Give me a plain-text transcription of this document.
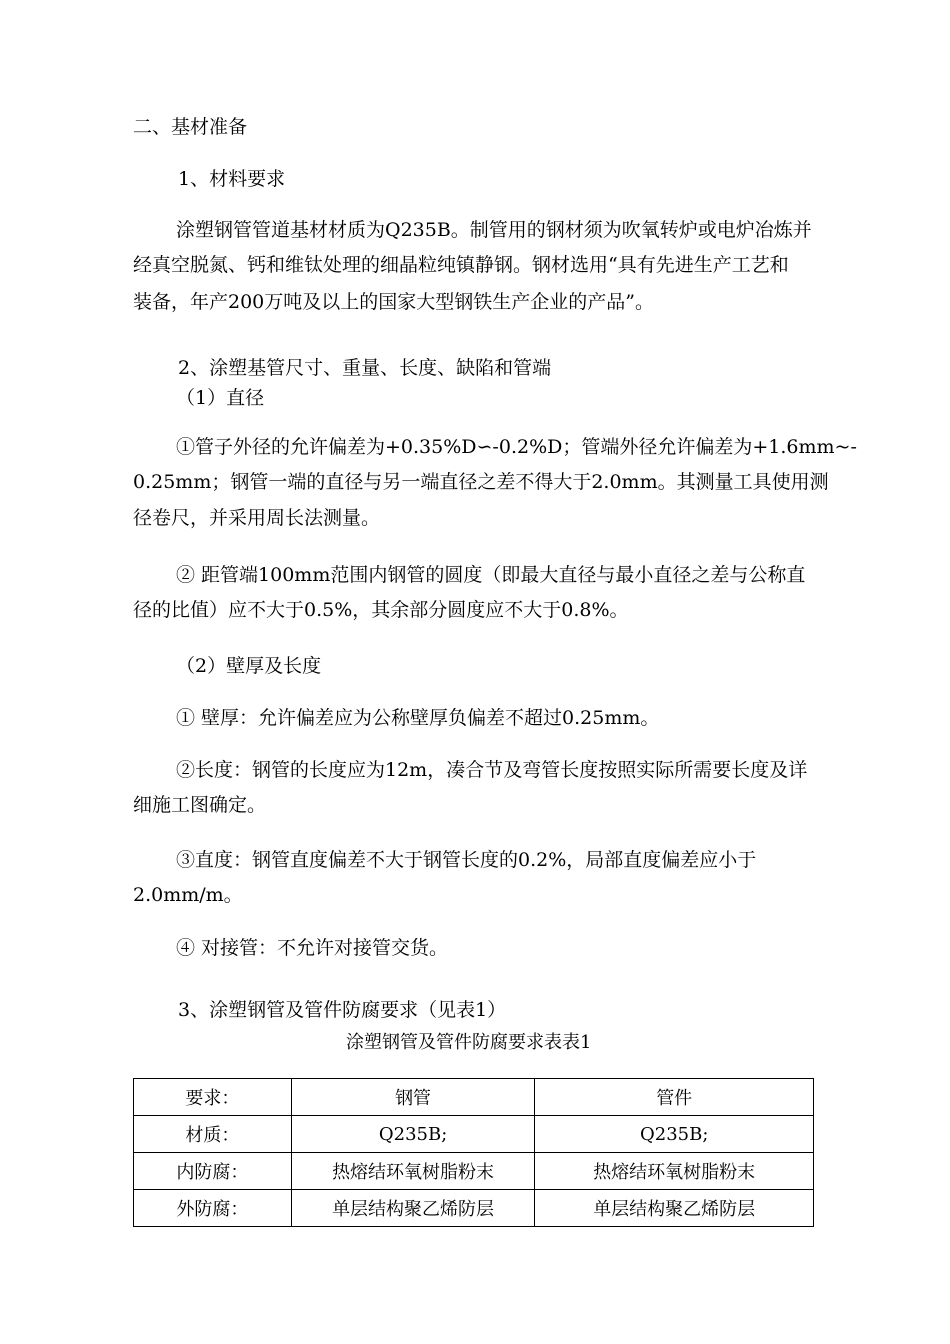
二、基材准备

1、材料要求

涂塑钢管管道基材材质为Q235B。制管用的钢材须为吹氧转炉或电炉冶炼并

经真空脱氮、钙和维钛处理的细晶粒纯镇静钢。钢材选用“具有先进生产工艺和

装备，年产200万吨及以上的国家大型钢铁生产企业的产品”。

2、涂塑基管尺寸、重量、长度、缺陷和管端

（1）直径

①管子外径的允许偏差为+0.35%D∽-0.2%D；管端外径允许偏差为+1.6mm~-

0.25mm；钢管一端的直径与另一端直径之差不得大于2.0mm。其测量工具使用测

径卷尺，并采用周长法测量。

② 距管端100mm范围内钢管的圆度（即最大直径与最小直径之差与公称直

径的比值）应不大于0.5%，其余部分圆度应不大于0.8%。

（2）壁厚及长度

① 壁厚：允许偏差应为公称壁厚负偏差不超过0.25mm。

②长度：钢管的长度应为12m，凑合节及弯管长度按照实际所需要长度及详

细施工图确定。

③直度：钢管直度偏差不大于钢管长度的0.2%，局部直度偏差应小于

2.0mm/m。

④ 对接管：不允许对接管交货。

3、涂塑钢管及管件防腐要求（见表1）

涂塑钢管及管件防腐要求表表1

要求：	钢管	管件
材质：	Q235B;	Q235B;
内防腐：	热熔结环氧树脂粉末	热熔结环氧树脂粉末
外防腐：	单层结构聚乙烯防层	单层结构聚乙烯防层
